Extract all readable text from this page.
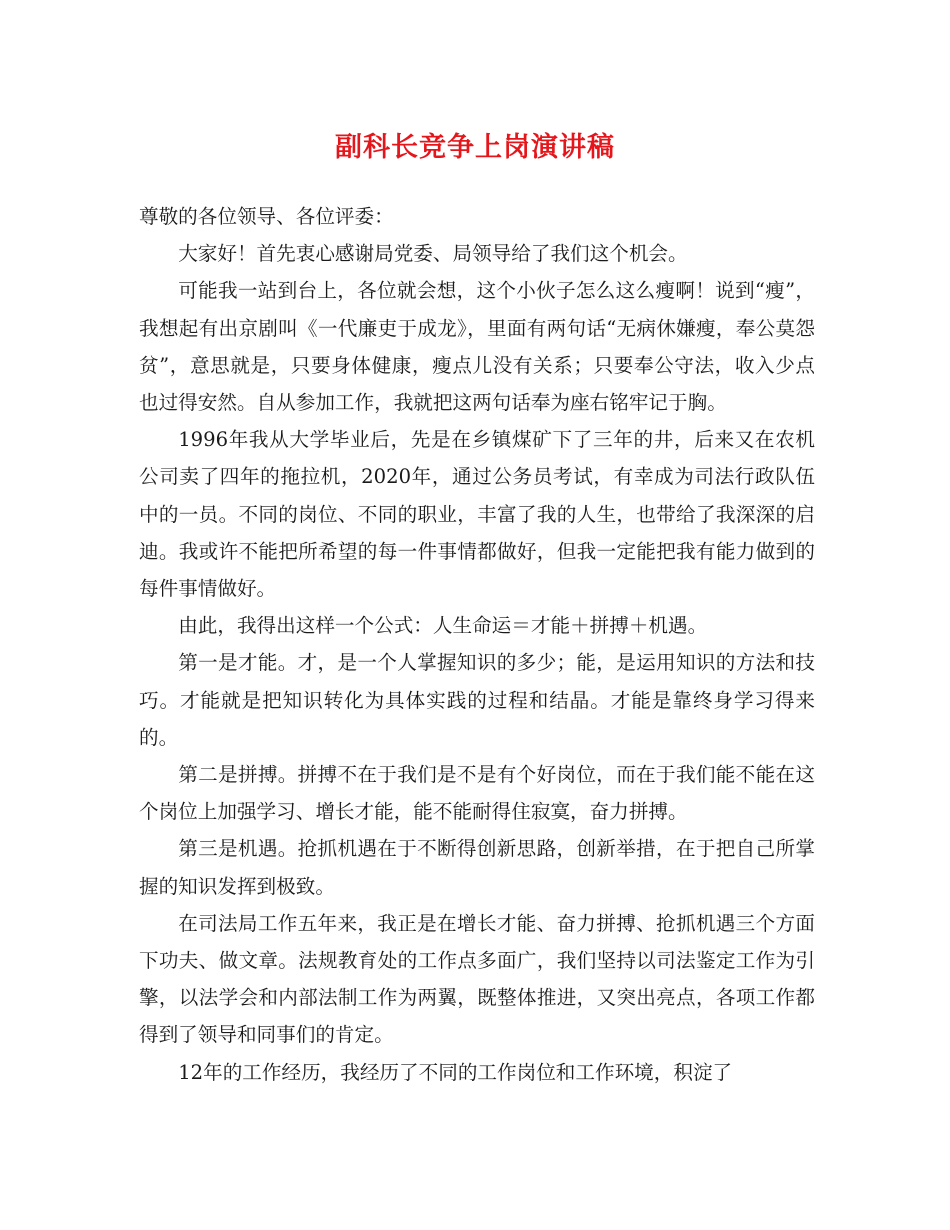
副科长竞争上岗演讲稿

尊敬的各位领导、各位评委：

大家好！首先衷心感谢局党委、局领导给了我们这个机会。

可能我一站到台上，各位就会想，这个小伙子怎么这么瘦啊！说到“瘦”，我想起有出京剧叫《一代廉吏于成龙》，里面有两句话“无病休嫌瘦，奉公莫怨贫”，意思就是，只要身体健康，瘦点儿没有关系；只要奉公守法，收入少点也过得安然。自从参加工作，我就把这两句话奉为座右铭牢记于胸。

1996年我从大学毕业后，先是在乡镇煤矿下了三年的井，后来又在农机公司卖了四年的拖拉机，2020年，通过公务员考试，有幸成为司法行政队伍中的一员。不同的岗位、不同的职业，丰富了我的人生，也带给了我深深的启迪。我或许不能把所希望的每一件事情都做好，但我一定能把我有能力做到的每件事情做好。

由此，我得出这样一个公式：人生命运＝才能＋拼搏＋机遇。

第一是才能。才，是一个人掌握知识的多少；能，是运用知识的方法和技巧。才能就是把知识转化为具体实践的过程和结晶。才能是靠终身学习得来的。

第二是拼搏。拼搏不在于我们是不是有个好岗位，而在于我们能不能在这个岗位上加强学习、增长才能，能不能耐得住寂寞，奋力拼搏。

第三是机遇。抢抓机遇在于不断得创新思路，创新举措，在于把自己所掌握的知识发挥到极致。

在司法局工作五年来，我正是在增长才能、奋力拼搏、抢抓机遇三个方面下功夫、做文章。法规教育处的工作点多面广，我们坚持以司法鉴定工作为引擎，以法学会和内部法制工作为两翼，既整体推进，又突出亮点，各项工作都得到了领导和同事们的肯定。

12年的工作经历，我经历了不同的工作岗位和工作环境，积淀了
